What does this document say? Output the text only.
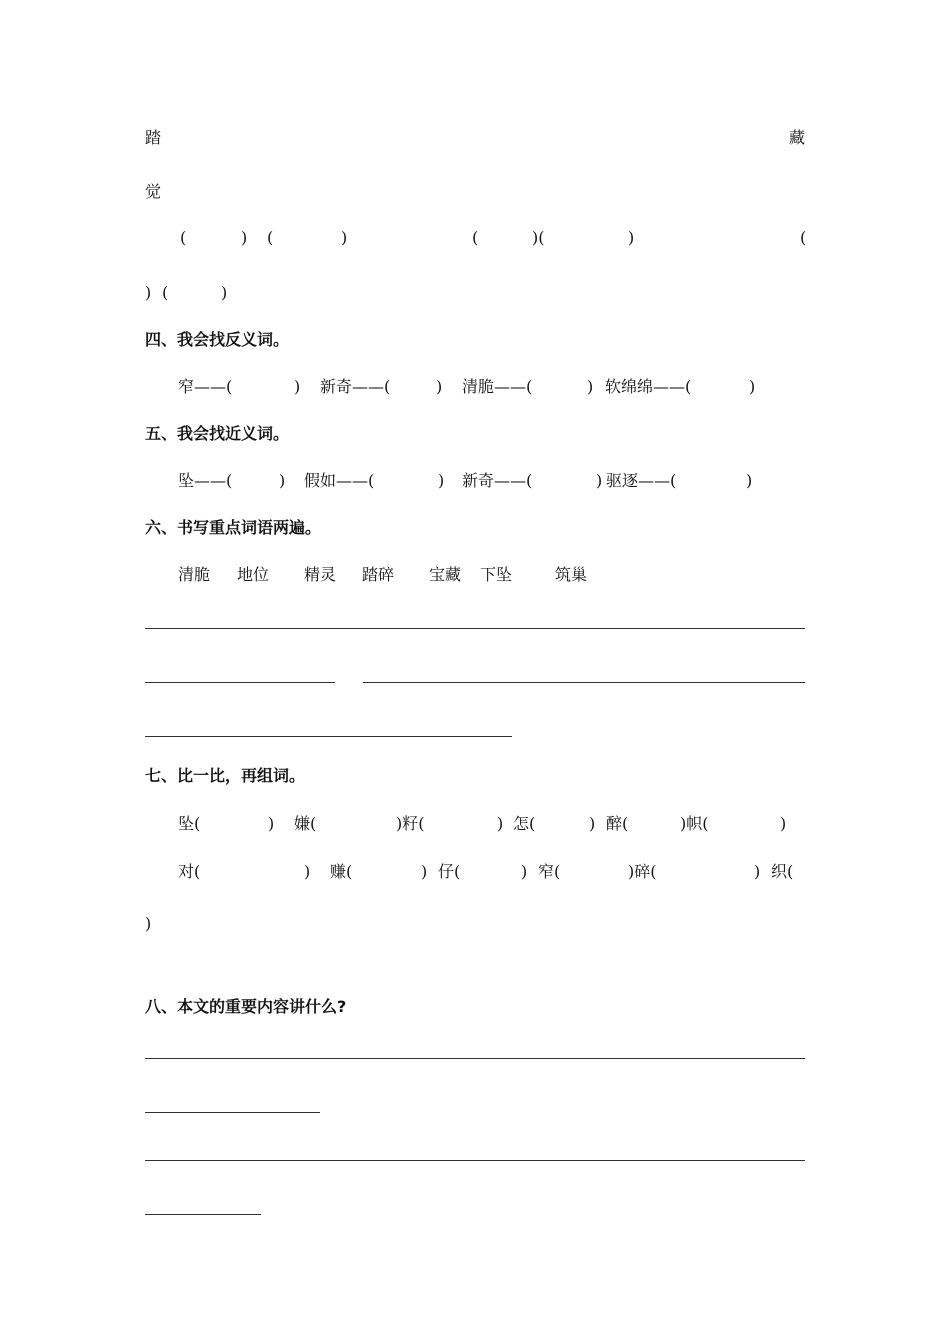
踏	藏
觉
(	) (	)	(	)(	)	(
) (	)
四、我会找反义词。
窄——(	) 新奇——(	) 清脆——(	) 软绵绵——(	)
五、我会找近义词。
坠——(	) 假如——(	) 新奇——(	) 驱逐——(	)
六、书写重点词语两遍。
清脆 地位 精灵 踏碎 宝藏 下坠	筑巢
七、比一比，再组词。
坠(	) 嫌(	)籽(	) 怎(	) 醉(	)帜(	)
对(	) 赚(	) 仔(	) 窄(	)碎(	) 织(
)
八、本文的重要内容讲什么?
